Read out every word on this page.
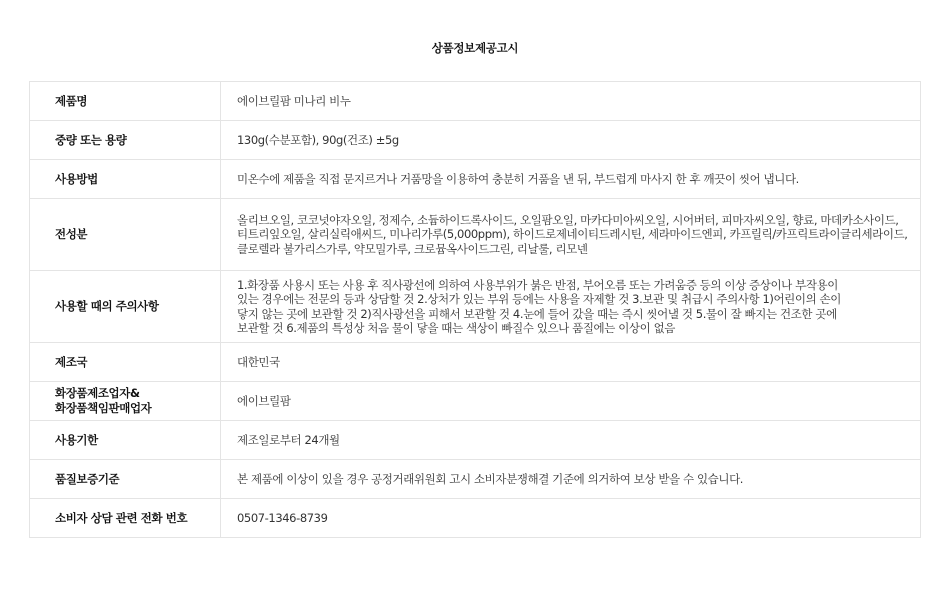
상품정보제공고시
제품명	에이브릴팜 미나리 비누
중량 또는 용량	130g(수분포함), 90g(건조) ±5g
사용방법	미온수에 제품을 직접 문지르거나 거품망을 이용하여 충분히 거품을 낸 뒤, 부드럽게 마사지 한 후 깨끗이 씻어 냅니다.
전성분	올리브오일, 코코넛야자오일, 정제수, 소듐하이드록사이드, 오일팜오일, 마카다미아씨오일, 시어버터, 피마자씨오일, 향료, 마데카소사이드,
티트리잎오일, 살리실릭애씨드, 미나리가루(5,000ppm), 하이드로제네이티드레시틴, 세라마이드엔피, 카프릴릭/카프릭트라이글리세라이드,
클로렐라 불가리스가루, 약모밀가루, 크로뮴옥사이드그린, 리날룰, 리모넨

사용할 때의 주의사항	1.화장품 사용시 또는 사용 후 직사광선에 의하여 사용부위가 붉은 반점, 부어오름 또는 가려움증 등의 이상 증상이나 부작용이
있는 경우에는 전문의 등과 상담할 것 2.상처가 있는 부위 등에는 사용을 자제할 것 3.보관 및 취급시 주의사항 1)어린이의 손이
닿지 않는 곳에 보관할 것 2)직사광선을 피해서 보관할 것 4.눈에 들어 갔을 때는 즉시 씻어낼 것 5.물이 잘 빠지는 건조한 곳에
보관할 것 6.제품의 특성상 처음 물이 닿을 때는 색상이 빠질수 있으나 품질에는 이상이 없음

제조국	대한민국

화장품제조업자&
화장품책임판매업자	에이브릴팜
사용기한	제조일로부터 24개월
품질보증기준	본 제품에 이상이 있을 경우 공정거래위원회 고시 소비자분쟁해결 기준에 의거하여 보상 받을 수 있습니다.
소비자 상담 관련 전화 번호	0507-1346-8739
